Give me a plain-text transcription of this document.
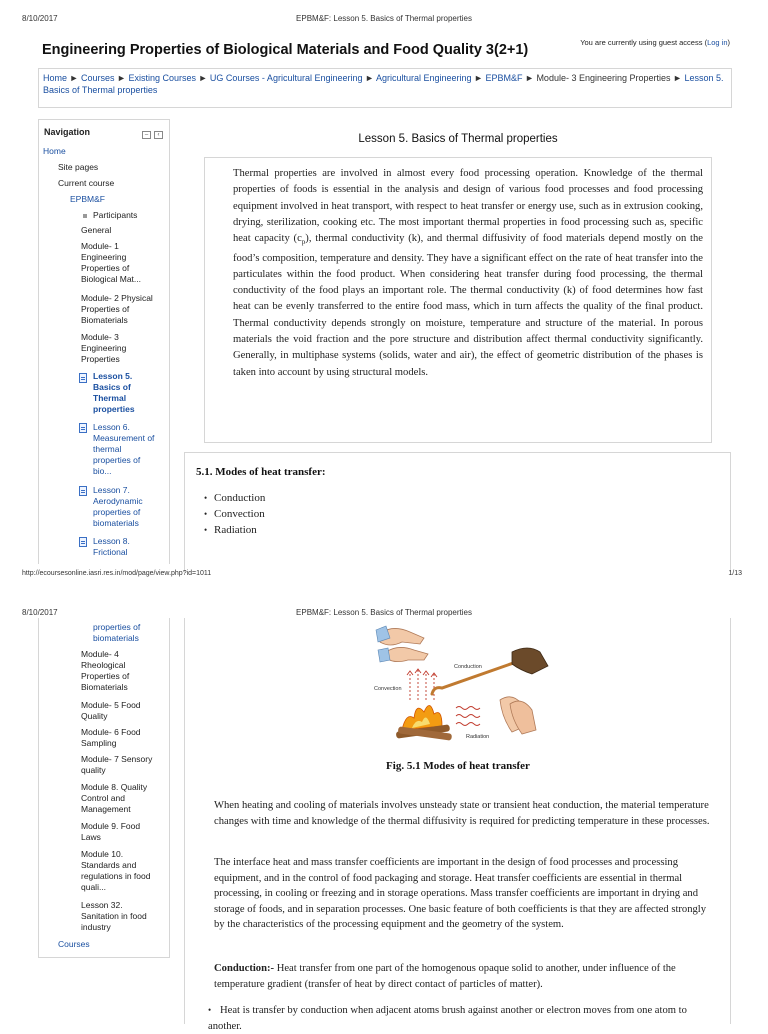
8/10/2017	EPBM&F: Lesson 5. Basics of Thermal properties
Engineering Properties of Biological Materials and Food Quality 3(2+1)	You are currently using guest access (Log in)
Home ► Courses ► Existing Courses ► UG Courses - Agricultural Engineering ► Agricultural Engineering ► EPBM&F ► Module- 3 Engineering Properties ► Lesson 5. Basics of Thermal properties
Navigation	– ‹
Home
Site pages
Current course
EPBM&F
Participants
General
Module- 1
Engineering
Properties of
Biological Mat...
Module- 2 Physical
Properties of
Biomaterials
Module- 3
Engineering
Properties
Lesson 5.
Basics of
Thermal
properties
Lesson 6.
Measurement of
thermal
properties of
bio...
Lesson 7.
Aerodynamic
properties of
biomaterials
Lesson 8.
Frictional
Lesson 5. Basics of Thermal properties
Thermal properties are involved in almost every food processing operation. Knowledge of the thermal properties of foods is essential in the analysis and design of various food processes and food processing equipment involved in heat transport, with respect to heat transfer or energy use, such as in extrusion cooking, drying, sterilization, cooking etc. The most important thermal properties in food processing such as, specific heat capacity $(c_p)$, thermal conductivity (k), and thermal diffusivity of food materials depend mostly on the food’s composition, temperature and density. They have a significant effect on the rate of heat transfer into the particulates within the food product. When considering heat transfer during food processing, the thermal conductivity of the food plays an important role. The thermal conductivity (k) of food determines how fast heat can be evenly transferred to the entire food mass, which in turn affects the quality of the final product. Thermal conductivity depends strongly on moisture, temperature and structure of the material. In porous materials the void fraction and the pore structure and distribution affect thermal conductivity significantly. Generally, in multiphase systems (solids, water and air), the effect of geometric distribution of the phases is taken into account by using structural models.
5.1. Modes of heat transfer:
• Conduction
• Convection
• Radiation
http://ecoursesonline.iasri.res.in/mod/page/view.php?id=1011	1/13
8/10/2017	EPBM&F: Lesson 5. Basics of Thermal properties
properties of
biomaterials
Module- 4
Rheological
Properties of
Biomaterials
Module- 5 Food
Quality
Module- 6 Food
Sampling
Module- 7 Sensory
quality
Module 8. Quality
Control and
Management
Module 9. Food
Laws
Module 10.
Standards and
regulations in food
quali...
Lesson 32.
Sanitation in food
industry
Courses
Conduction
Convection
Radiation
Fig. 5.1 Modes of heat transfer
When heating and cooling of materials involves unsteady state or transient heat conduction, the material temperature changes with time and knowledge of the thermal diffusivity is required for predicting temperature in these processes.
The interface heat and mass transfer coefficients are important in the design of food processes and processing equipment, and in the control of food packaging and storage. Heat transfer coefficients are essential in thermal processing, in cooling or freezing and in storage operations. Mass transfer coefficients are important in drying and storage of foods, and in separation processes. One basic feature of both coefficients is that they are affected strongly by the characteristics of the processing equipment and the geometry of the system.
Conduction:- Heat transfer from one part of the homogenous opaque solid to another, under influence of the temperature gradient (transfer of heat by direct contact of particles of matter).
• Heat is transfer by conduction when adjacent atoms brush against another or electron moves from one atom to another.
